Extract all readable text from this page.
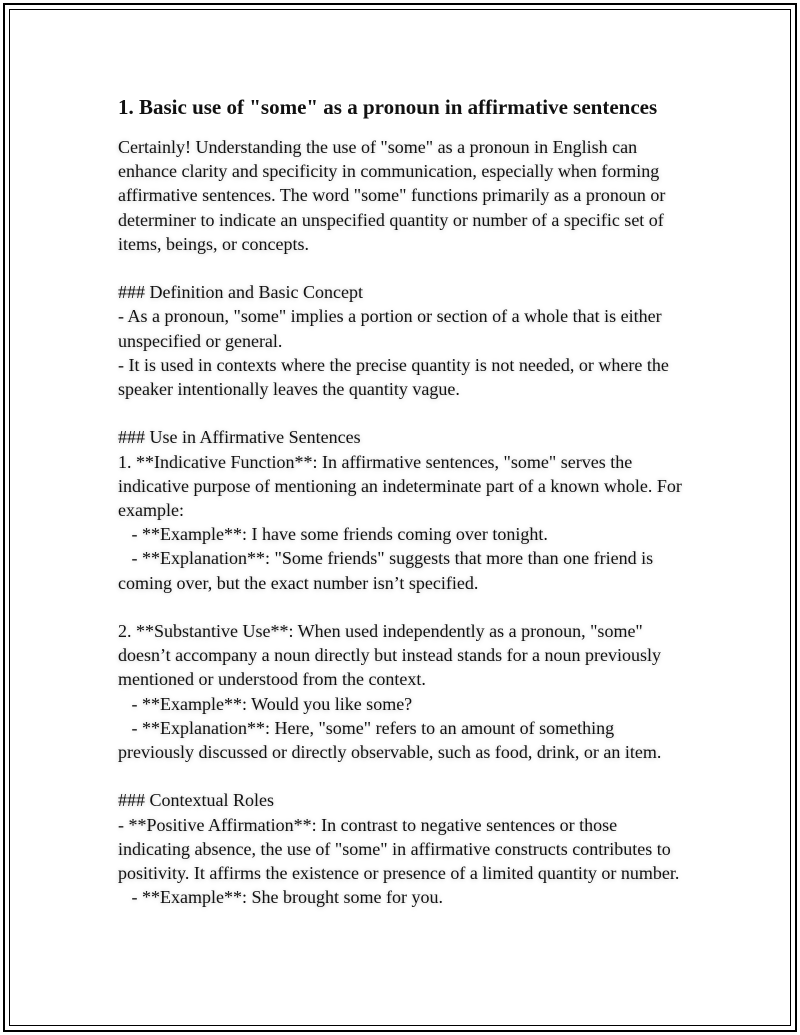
1. Basic use of "some" as a pronoun in affirmative sentences

Certainly! Understanding the use of "some" as a pronoun in English can enhance clarity and specificity in communication, especially when forming affirmative sentences. The word "some" functions primarily as a pronoun or determiner to indicate an unspecified quantity or number of a specific set of items, beings, or concepts.

### Definition and Basic Concept

- As a pronoun, "some" implies a portion or section of a whole that is either unspecified or general.

- It is used in contexts where the precise quantity is not needed, or where the speaker intentionally leaves the quantity vague.

### Use in Affirmative Sentences

1. **Indicative Function**: In affirmative sentences, "some" serves the indicative purpose of mentioning an indeterminate part of a known whole. For example:

- **Example**: I have some friends coming over tonight.

- **Explanation**: "Some friends" suggests that more than one friend is coming over, but the exact number isn’t specified.

2. **Substantive Use**: When used independently as a pronoun, "some" doesn’t accompany a noun directly but instead stands for a noun previously mentioned or understood from the context.

- **Example**: Would you like some?

- **Explanation**: Here, "some" refers to an amount of something previously discussed or directly observable, such as food, drink, or an item.

### Contextual Roles

- **Positive Affirmation**: In contrast to negative sentences or those indicating absence, the use of "some" in affirmative constructs contributes to positivity. It affirms the existence or presence of a limited quantity or number.

- **Example**: She brought some for you.
